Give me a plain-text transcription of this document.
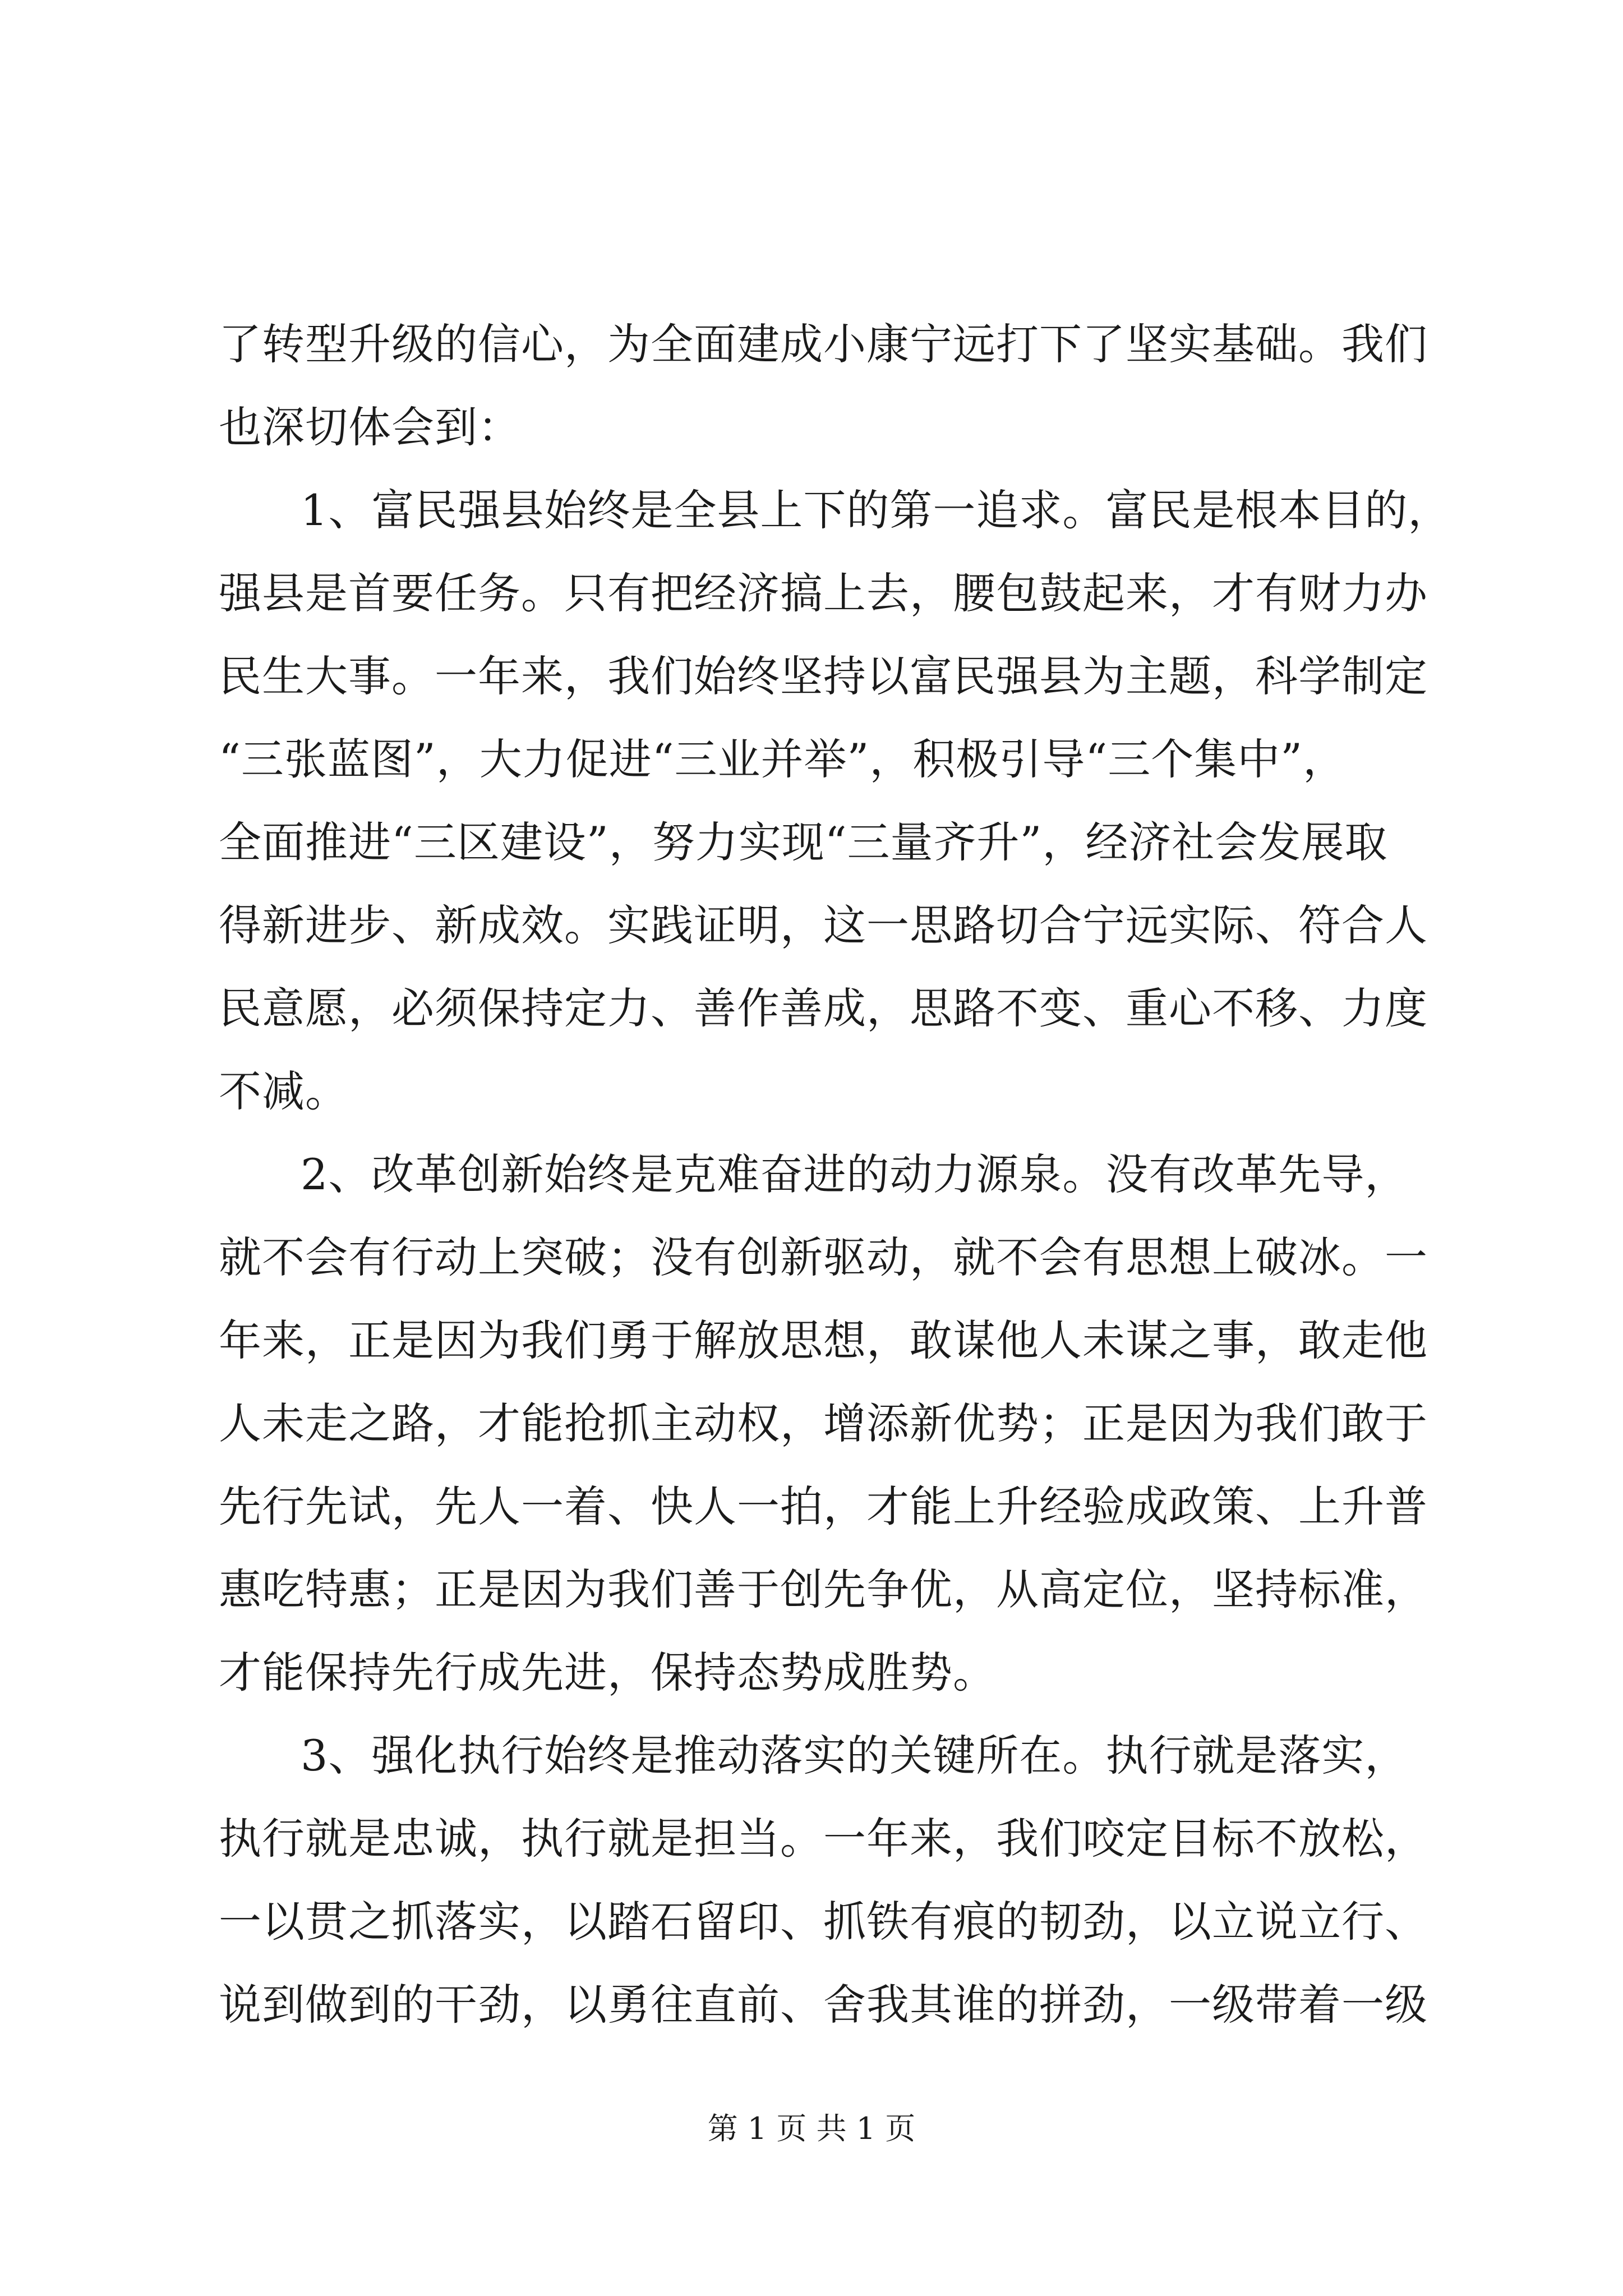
了转型升级的信心，为全面建成小康宁远打下了坚实基础。我们
也深切体会到：
1、富民强县始终是全县上下的第一追求。富民是根本目的，
强县是首要任务。只有把经济搞上去，腰包鼓起来，才有财力办
民生大事。一年来，我们始终坚持以富民强县为主题，科学制定
“三张蓝图”，大力促进“三业并举”，积极引导“三个集中”，
全面推进“三区建设”，努力实现“三量齐升”，经济社会发展取
得新进步、新成效。实践证明，这一思路切合宁远实际、符合人
民意愿，必须保持定力、善作善成，思路不变、重心不移、力度
不减。
2、改革创新始终是克难奋进的动力源泉。没有改革先导，
就不会有行动上突破；没有创新驱动，就不会有思想上破冰。一
年来，正是因为我们勇于解放思想，敢谋他人未谋之事，敢走他
人未走之路，才能抢抓主动权，增添新优势；正是因为我们敢于
先行先试，先人一着、快人一拍，才能上升经验成政策、上升普
惠吃特惠；正是因为我们善于创先争优，从高定位，坚持标准，
才能保持先行成先进，保持态势成胜势。
3、强化执行始终是推动落实的关键所在。执行就是落实，
执行就是忠诚，执行就是担当。一年来，我们咬定目标不放松，
一以贯之抓落实，以踏石留印、抓铁有痕的韧劲，以立说立行、
说到做到的干劲，以勇往直前、舍我其谁的拼劲，一级带着一级
第 1 页 共 1 页
